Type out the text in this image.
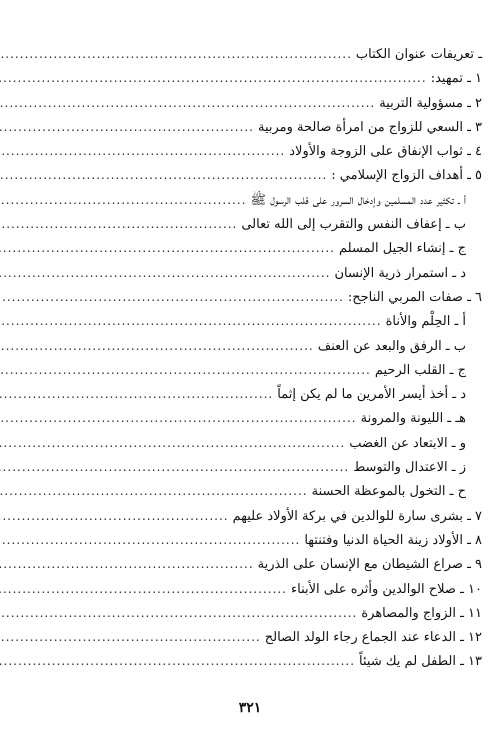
ـ تعريفات عنوان الكتاب
.....
١ ـ تمهيد:
.....
٢ ـ مسؤولية التربية
.....
٣ ـ السعي للزواج من امرأة صالحة ومربية
.....
٤ ـ ثواب الإنفاق على الزوجة والأولاد
.....
٥ ـ أهداف الزواج الإسلامي :
.....
أ ـ تكثير عدد المسلمين وإدخال السرور على قلب الرسول ﷺ
.....
ب ـ إعفاف النفس والتقرب إلى الله تعالى
.....
ج ـ إنشاء الجيل المسلم
.....
د ـ استمرار ذرية الإنسان
.....
٦ ـ صفات المربي الناجح:
.....
أ ـ الحِلْم والأناة
.....
ب ـ الرفق والبعد عن العنف
.....
ج ـ القلب الرحيم
.....
د ـ أخذ أيسر الأمرين ما لم يكن إثماً
.....
هـ ـ الليونة والمرونة
.....
و ـ الابتعاد عن الغضب
.....
ز ـ الاعتدال والتوسط
.....
ح ـ التخول بالموعظة الحسنة
.....
٧ ـ بشرى سارة للوالدين في بركة الأولاد عليهم
.....
٨ ـ الأولاد زينة الحياة الدنيا وفتنتها
.....
٩ ـ صراع الشيطان مع الإنسان على الذرية
.....
١٠ ـ صلاح الوالدين وأثره على الأبناء
.....
١١ ـ الزواج والمصاهرة
.....
١٢ ـ الدعاء عند الجماع رجاء الولد الصالح
.....
١٣ ـ الطفل لم يك شيئاً
.....
٣٢١
